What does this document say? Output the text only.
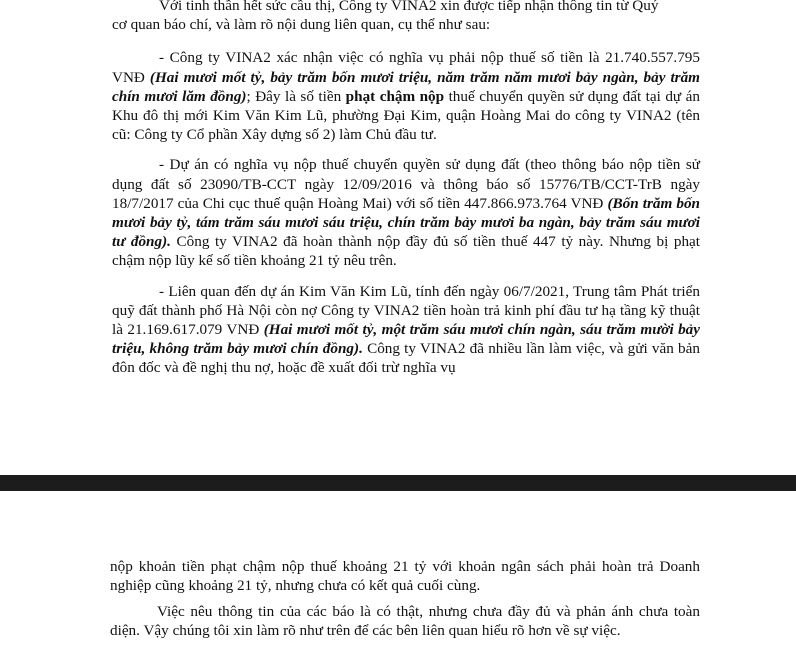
Với tinh thần hết sức cầu thị, Công ty VINA2 xin được tiếp nhận thông tin từ Quý

cơ quan báo chí, và làm rõ nội dung liên quan, cụ thể như sau:

- Công ty VINA2 xác nhận việc có nghĩa vụ phải nộp thuế số tiền là 21.740.557.795 VNĐ (Hai mươi mốt tỷ, bảy trăm bốn mươi triệu, năm trăm năm mươi bảy ngàn, bảy trăm chín mươi lăm đồng); Đây là số tiền phạt chậm nộp thuế chuyển quyền sử dụng đất tại dự án Khu đô thị mới Kim Văn Kim Lũ, phường Đại Kim, quận Hoàng Mai do công ty VINA2 (tên cũ: Công ty Cổ phần Xây dựng số 2) làm Chủ đầu tư.

- Dự án có nghĩa vụ nộp thuế chuyển quyền sử dụng đất (theo thông báo nộp tiền sử dụng đất số 23090/TB-CCT ngày 12/09/2016 và thông báo số 15776/TB/CCT-TrB ngày 18/7/2017 của Chi cục thuế quận Hoàng Mai) với số tiền 447.866.973.764 VNĐ (Bốn trăm bốn mươi bảy tỷ, tám trăm sáu mươi sáu triệu, chín trăm bảy mươi ba ngàn, bảy trăm sáu mươi tư đồng). Công ty VINA2 đã hoàn thành nộp đầy đủ số tiền thuế 447 tỷ này. Nhưng bị phạt chậm nộp lũy kế số tiền khoảng 21 tỷ nêu trên.

- Liên quan đến dự án Kim Văn Kim Lũ, tính đến ngày 06/7/2021, Trung tâm Phát triển quỹ đất thành phố Hà Nội còn nợ Công ty VINA2 tiền hoàn trả kinh phí đầu tư hạ tầng kỹ thuật là 21.169.617.079 VNĐ (Hai mươi mốt tỷ, một trăm sáu mươi chín ngàn, sáu trăm mười bảy triệu, không trăm bảy mươi chín đồng). Công ty VINA2 đã nhiều lần làm việc, và gửi văn bản đôn đốc và đề nghị thu nợ, hoặc đề xuất đối trừ nghĩa vụ

nộp khoản tiền phạt chậm nộp thuế khoảng 21 tỷ với khoản ngân sách phải hoàn trả Doanh nghiệp cũng khoảng 21 tỷ, nhưng chưa có kết quả cuối cùng.

Việc nêu thông tin của các báo là có thật, nhưng chưa đầy đủ và phản ánh chưa toàn diện. Vậy chúng tôi xin làm rõ như trên để các bên liên quan hiểu rõ hơn về sự việc.
